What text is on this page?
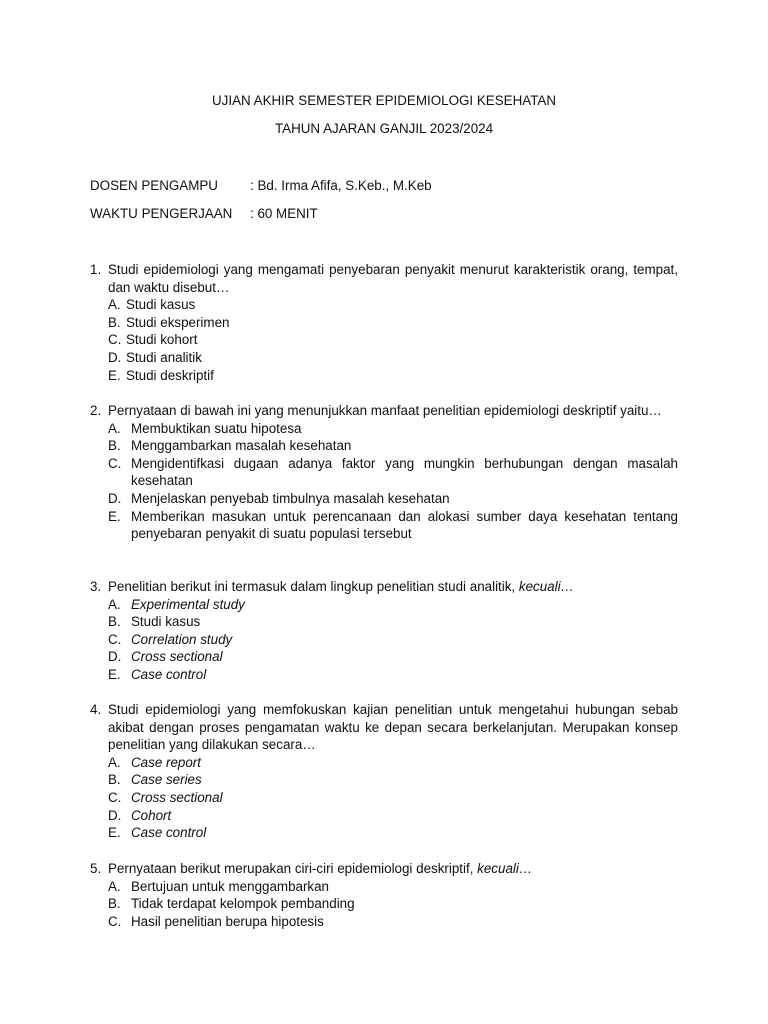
UJIAN AKHIR SEMESTER EPIDEMIOLOGI KESEHATAN
TAHUN AJARAN GANJIL 2023/2024
DOSEN PENGAMPU : Bd. Irma Afifa, S.Keb., M.Keb
WAKTU PENGERJAAN : 60 MENIT
1. Studi epidemiologi yang mengamati penyebaran penyakit menurut karakteristik orang, tempat, dan waktu disebut…
A. Studi kasus
B. Studi eksperimen
C. Studi kohort
D. Studi analitik
E. Studi deskriptif
2. Pernyataan di bawah ini yang menunjukkan manfaat penelitian epidemiologi deskriptif yaitu…
A. Membuktikan suatu hipotesa
B. Menggambarkan masalah kesehatan
C. Mengidentifkasi dugaan adanya faktor yang mungkin berhubungan dengan masalah kesehatan
D. Menjelaskan penyebab timbulnya masalah kesehatan
E. Memberikan masukan untuk perencanaan dan alokasi sumber daya kesehatan tentang penyebaran penyakit di suatu populasi tersebut
3. Penelitian berikut ini termasuk dalam lingkup penelitian studi analitik, kecuali…
A. Experimental study
B. Studi kasus
C. Correlation study
D. Cross sectional
E. Case control
4. Studi epidemiologi yang memfokuskan kajian penelitian untuk mengetahui hubungan sebab akibat dengan proses pengamatan waktu ke depan secara berkelanjutan. Merupakan konsep penelitian yang dilakukan secara…
A. Case report
B. Case series
C. Cross sectional
D. Cohort
E. Case control
5. Pernyataan berikut merupakan ciri-ciri epidemiologi deskriptif, kecuali…
A. Bertujuan untuk menggambarkan
B. Tidak terdapat kelompok pembanding
C. Hasil penelitian berupa hipotesis
